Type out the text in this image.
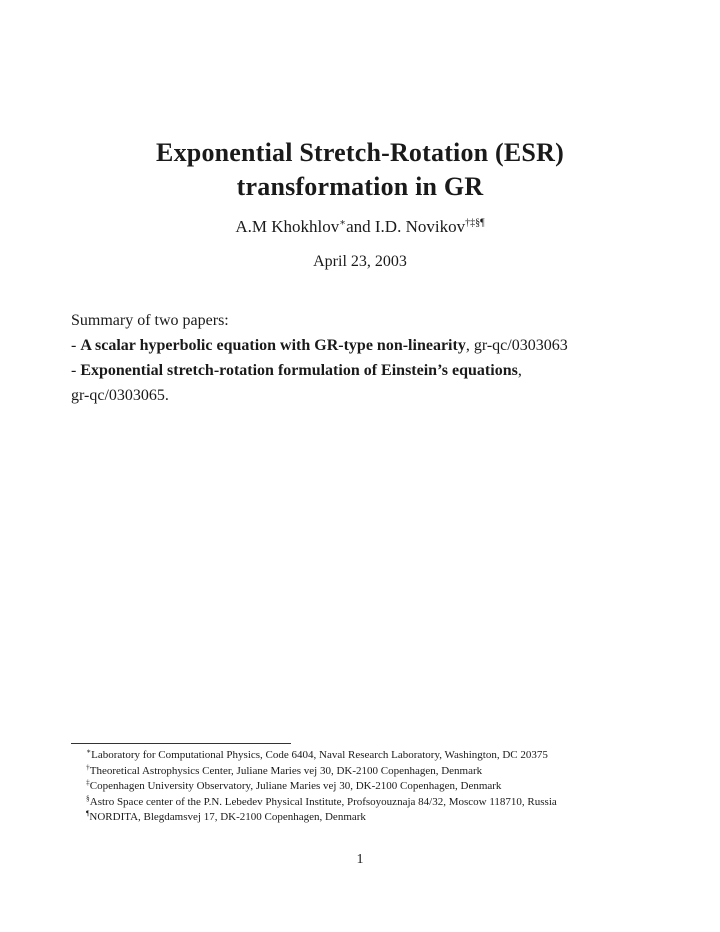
Exponential Stretch-Rotation (ESR)
transformation in GR
A.M Khokhlov∗and I.D. Novikov†‡§¶
April 23, 2003
Summary of two papers:
- A scalar hyperbolic equation with GR-type non-linearity, gr-qc/0303063
- Exponential stretch-rotation formulation of Einstein’s equations,
gr-qc/0303065.
∗Laboratory for Computational Physics, Code 6404, Naval Research Laboratory, Washington, DC 20375
†Theoretical Astrophysics Center, Juliane Maries vej 30, DK-2100 Copenhagen, Denmark
‡Copenhagen University Observatory, Juliane Maries vej 30, DK-2100 Copenhagen, Denmark
§Astro Space center of the P.N. Lebedev Physical Institute, Profsoyouznaja 84/32, Moscow 118710, Russia
¶NORDITA, Blegdamsvej 17, DK-2100 Copenhagen, Denmark
1
